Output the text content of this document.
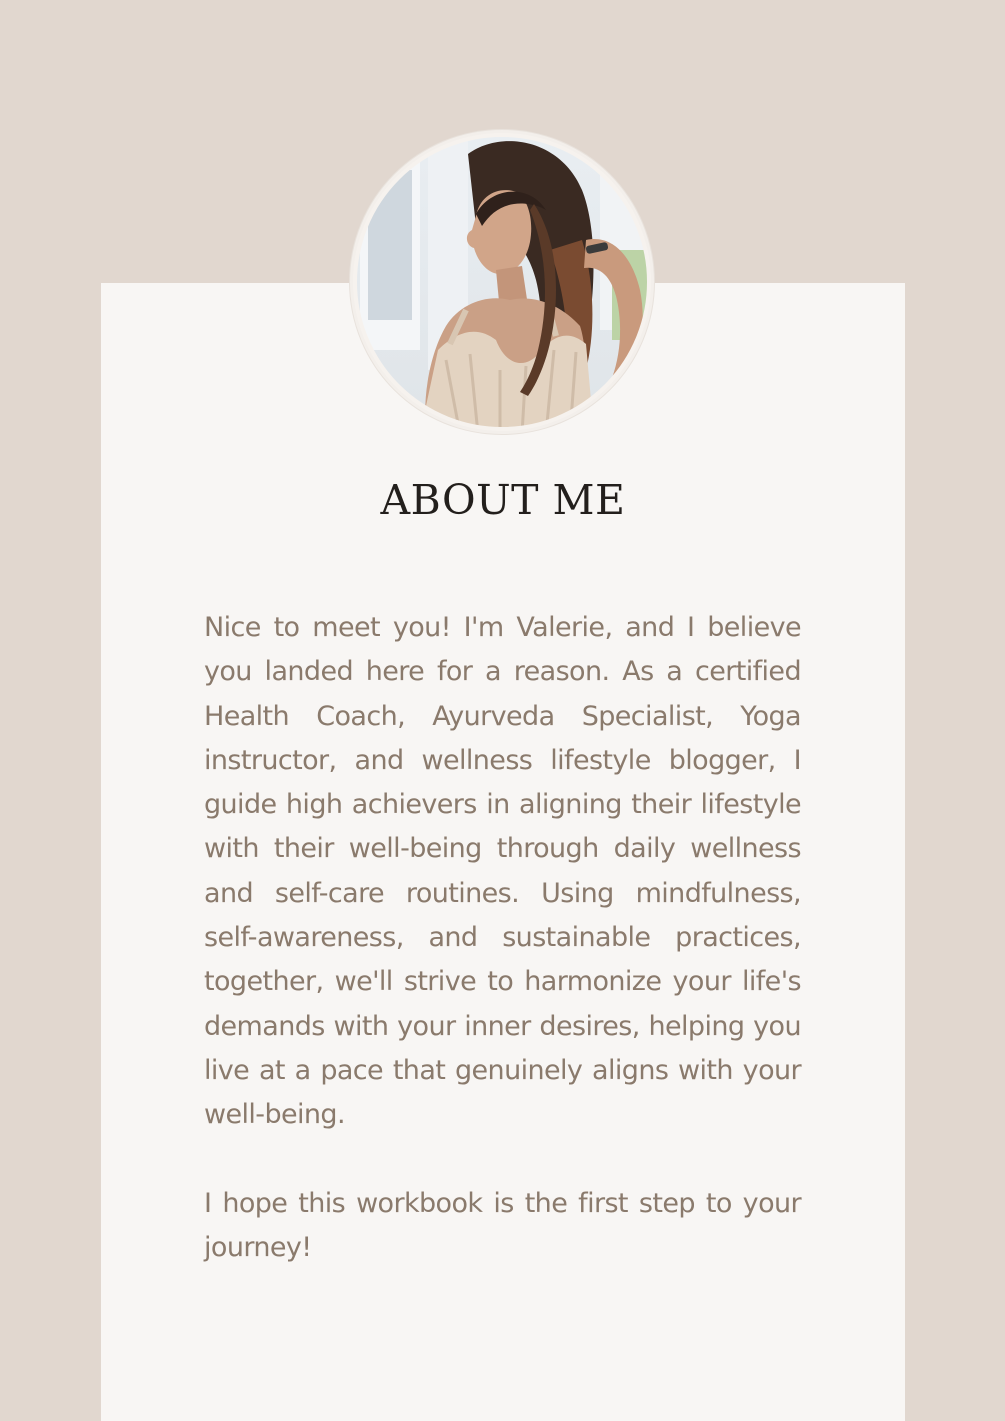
ABOUT ME

Nice to meet you! I'm Valerie, and I believe you landed here for a reason. As a certified Health Coach, Ayurveda Specialist, Yoga instructor, and wellness lifestyle blogger, I guide high achievers in aligning their lifestyle with their well-being through daily wellness and self-care routines. Using mindfulness, self-awareness, and sustainable practices, together, we'll strive to harmonize your life's demands with your inner desires, helping you live at a pace that genuinely aligns with your well-being.

I hope this workbook is the first step to your journey!
